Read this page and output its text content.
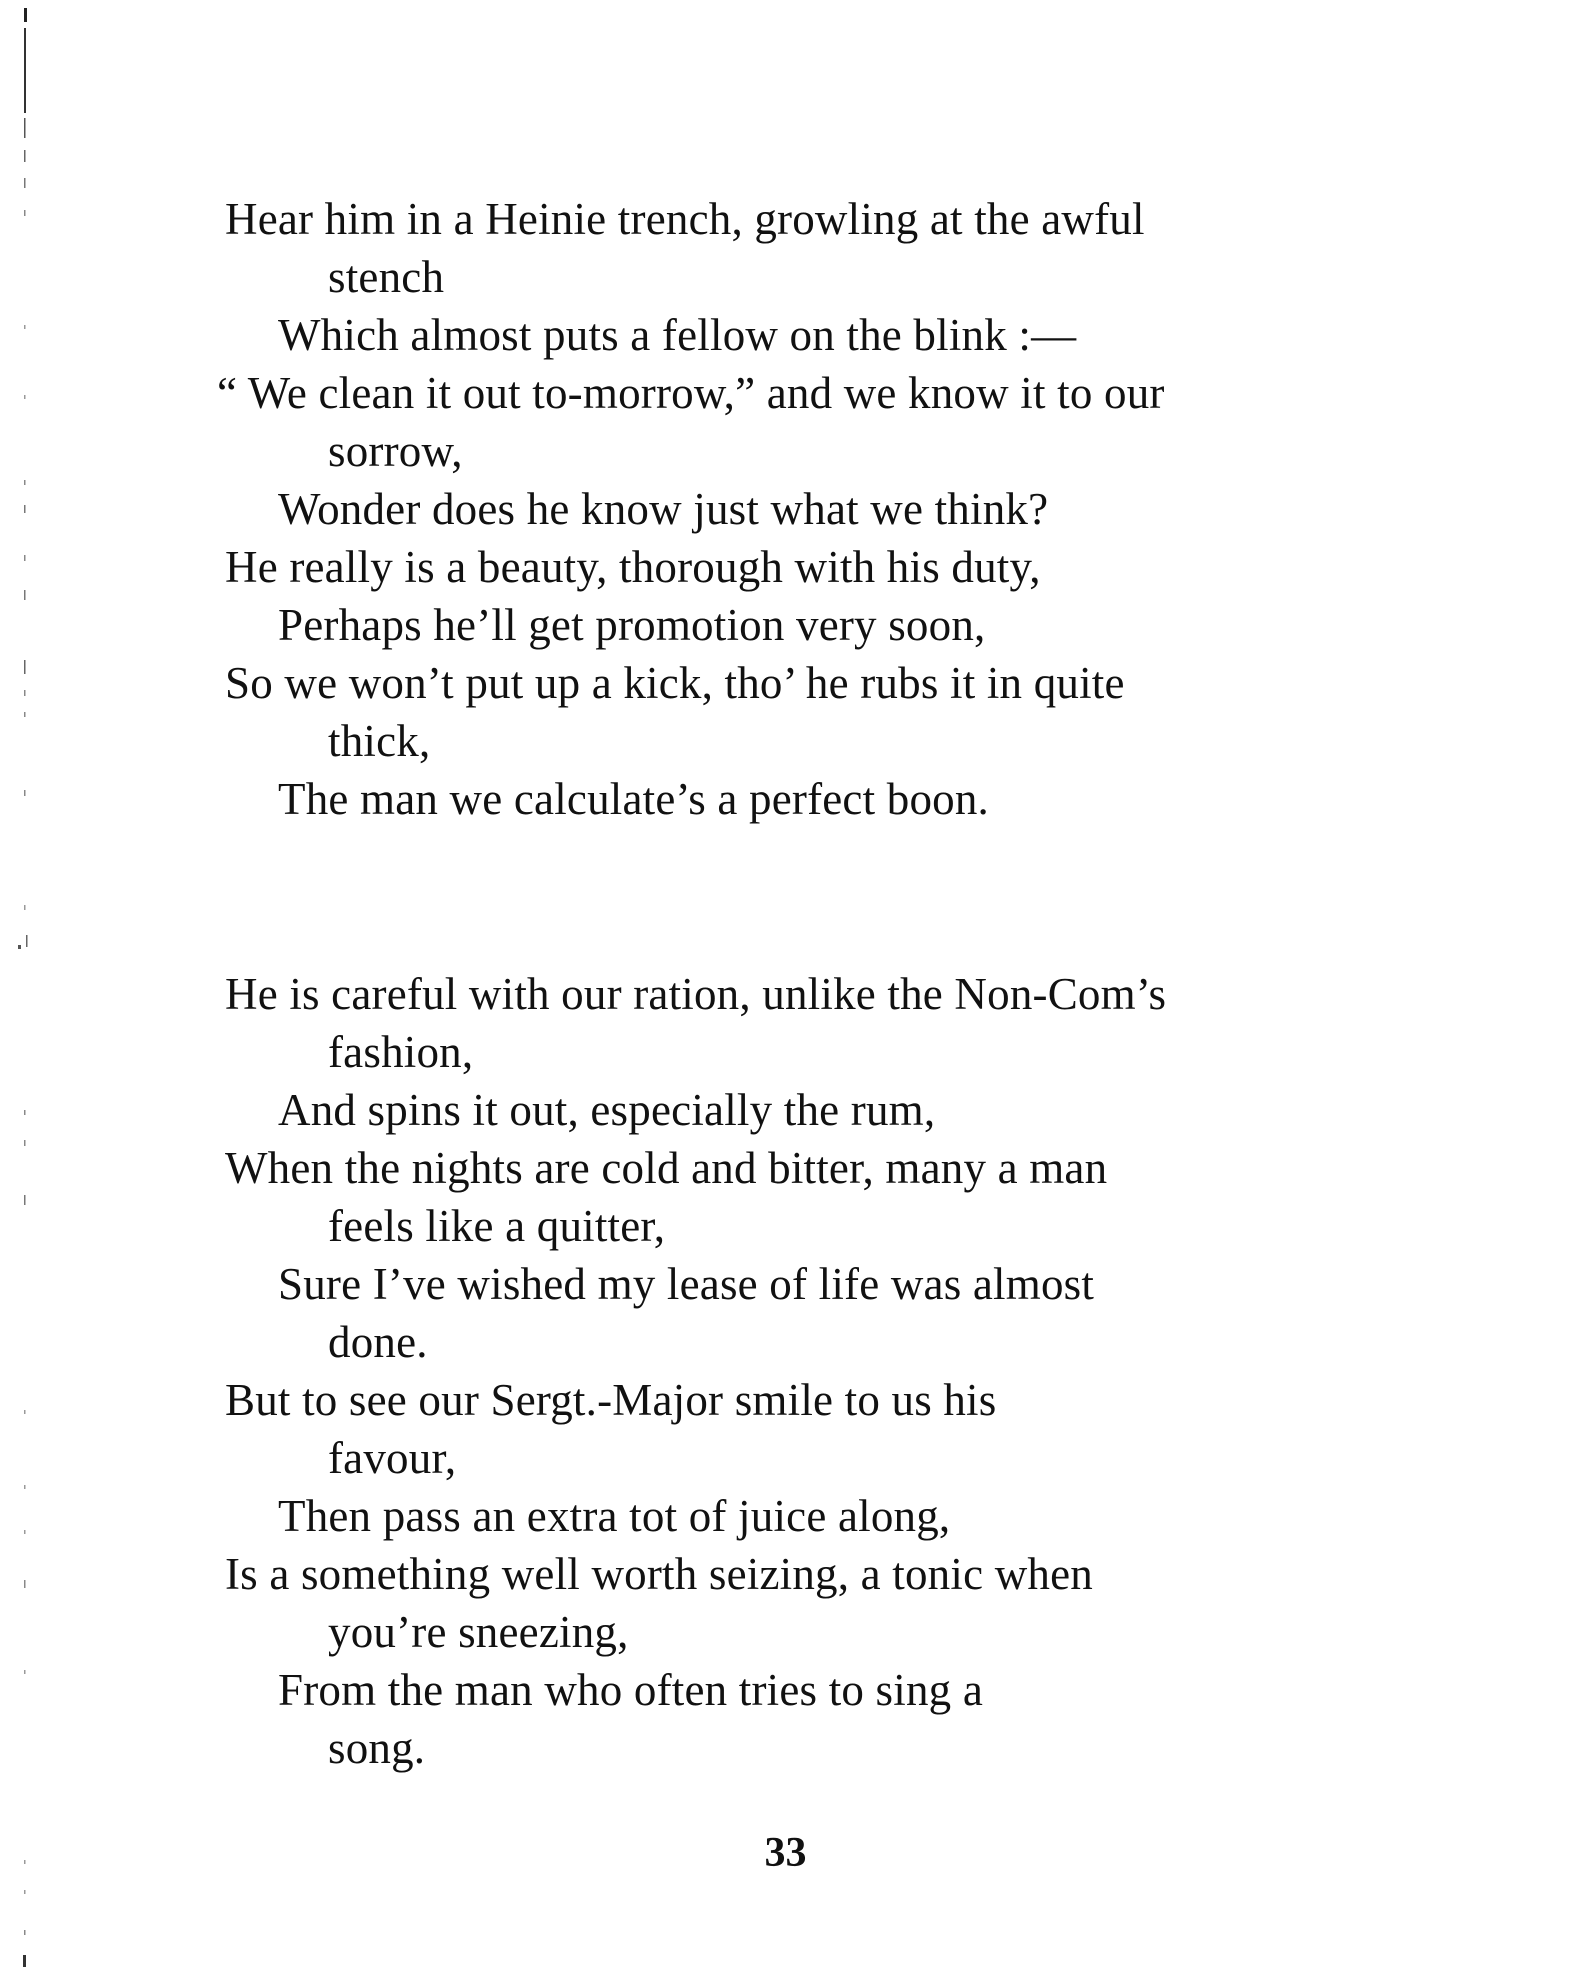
Hear him in a Heinie trench, growling at the awful
stench
Which almost puts a fellow on the blink :—
“ We clean it out to-morrow,” and we know it to our
sorrow,
Wonder does he know just what we think?
He really is a beauty, thorough with his duty,
Perhaps he’ll get promotion very soon,
So we won’t put up a kick, tho’ he rubs it in quite
thick,
The man we calculate’s a perfect boon.
He is careful with our ration, unlike the Non-Com’s
fashion,
And spins it out, especially the rum,
When the nights are cold and bitter, many a man
feels like a quitter,
Sure I’ve wished my lease of life was almost
done.
But to see our Sergt.-Major smile to us his
favour,
Then pass an extra tot of juice along,
Is a something well worth seizing, a tonic when
you’re sneezing,
From the man who often tries to sing a
song.
33
